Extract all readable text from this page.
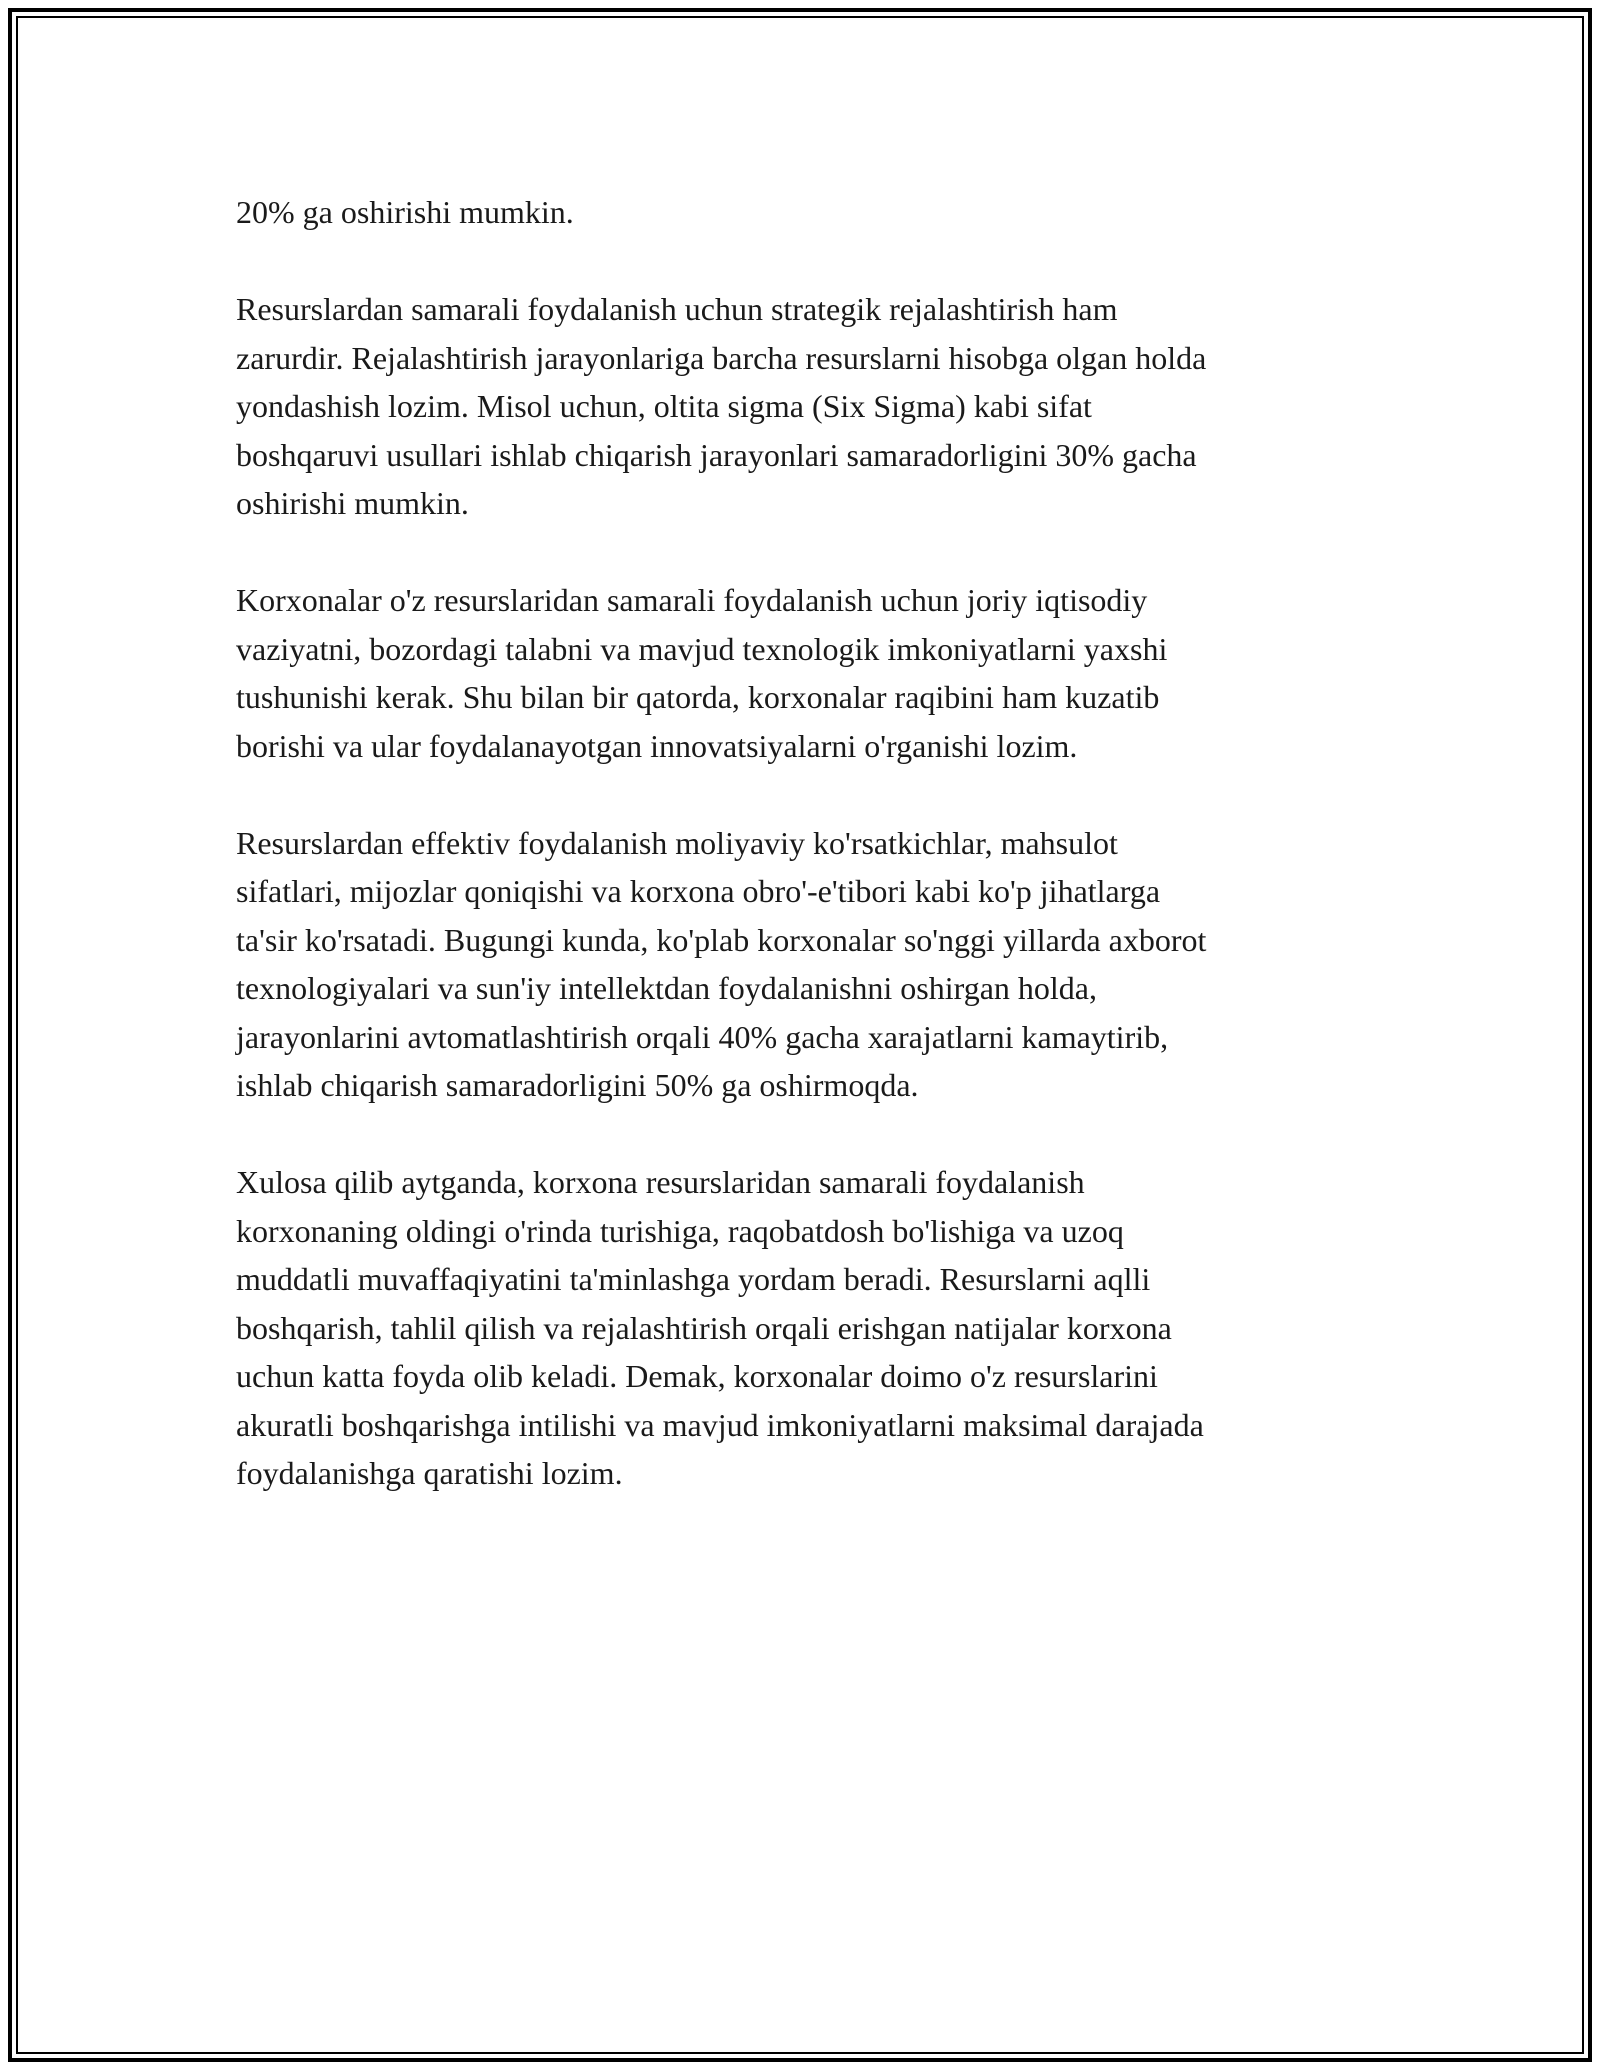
20% ga oshirishi mumkin.

Resurslardan samarali foydalanish uchun strategik rejalashtirish ham
zarurdir. Rejalashtirish jarayonlariga barcha resurslarni hisobga olgan holda
yondashish lozim. Misol uchun, oltita sigma (Six Sigma) kabi sifat
boshqaruvi usullari ishlab chiqarish jarayonlari samaradorligini 30% gacha
oshirishi mumkin.

Korxonalar o'z resurslaridan samarali foydalanish uchun joriy iqtisodiy
vaziyatni, bozordagi talabni va mavjud texnologik imkoniyatlarni yaxshi
tushunishi kerak. Shu bilan bir qatorda, korxonalar raqibini ham kuzatib
borishi va ular foydalanayotgan innovatsiyalarni o'rganishi lozim.

Resurslardan effektiv foydalanish moliyaviy ko'rsatkichlar, mahsulot
sifatlari, mijozlar qoniqishi va korxona obro'-e'tibori kabi ko'p jihatlarga
ta'sir ko'rsatadi. Bugungi kunda, ko'plab korxonalar so'nggi yillarda axborot
texnologiyalari va sun'iy intellektdan foydalanishni oshirgan holda,
jarayonlarini avtomatlashtirish orqali 40% gacha xarajatlarni kamaytirib,
ishlab chiqarish samaradorligini 50% ga oshirmoqda.

Xulosa qilib aytganda, korxona resurslaridan samarali foydalanish
korxonaning oldingi o'rinda turishiga, raqobatdosh bo'lishiga va uzoq
muddatli muvaffaqiyatini ta'minlashga yordam beradi. Resurslarni aqlli
boshqarish, tahlil qilish va rejalashtirish orqali erishgan natijalar korxona
uchun katta foyda olib keladi. Demak, korxonalar doimo o'z resurslarini
akuratli boshqarishga intilishi va mavjud imkoniyatlarni maksimal darajada
foydalanishga qaratishi lozim.
